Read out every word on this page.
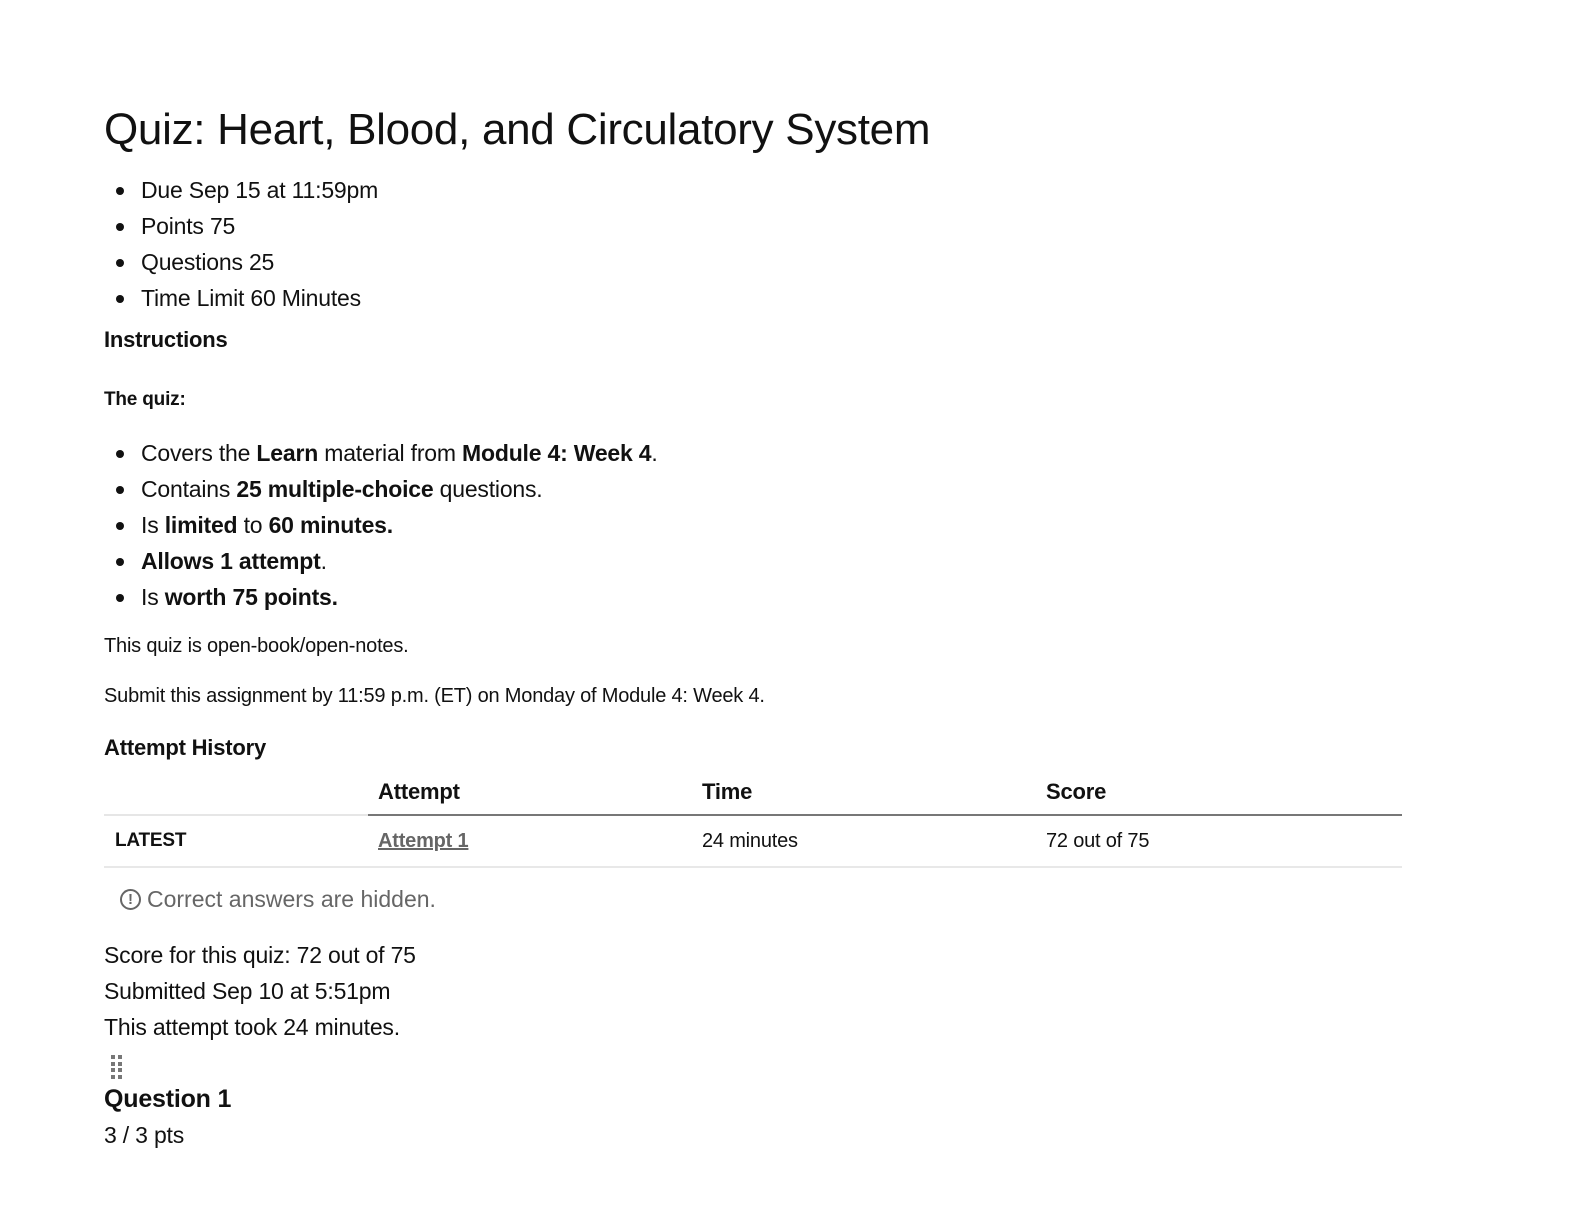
Quiz: Heart, Blood, and Circulatory System
Due Sep 15 at 11:59pm
Points 75
Questions 25
Time Limit 60 Minutes
Instructions
The quiz:
Covers the Learn material from Module 4: Week 4.
Contains 25 multiple-choice questions.
Is limited to 60 minutes.
Allows 1 attempt.
Is worth 75 points.

This quiz is open-book/open-notes.

Submit this assignment by 11:59 p.m. (ET) on Monday of Module 4: Week 4.

Attempt History
	Attempt	Time	Score
LATEST	Attempt 1	24 minutes	72 out of 75
! Correct answers are hidden.
Score for this quiz: 72 out of 75
Submitted Sep 10 at 5:51pm
This attempt took 24 minutes.
Question 1
3 / 3 pts
